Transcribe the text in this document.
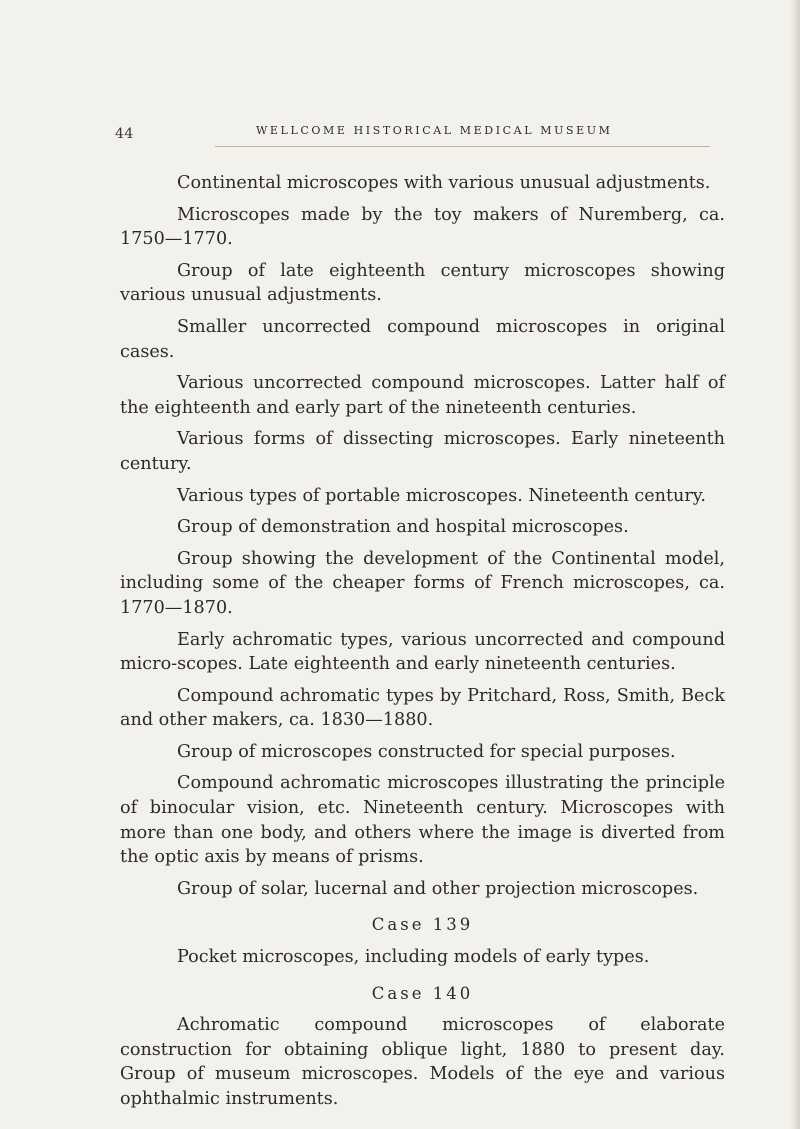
44	WELLCOME HISTORICAL MEDICAL MUSEUM

Continental microscopes with various unusual adjustments.

Microscopes made by the toy makers of Nuremberg, ca. 1750—1770.

Group of late eighteenth century microscopes showing various unusual adjustments.

Smaller uncorrected compound microscopes in original cases.

Various uncorrected compound microscopes. Latter half of the eighteenth and early part of the nineteenth centuries.

Various forms of dissecting microscopes. Early nineteenth century.

Various types of portable microscopes. Nineteenth century.

Group of demonstration and hospital microscopes.

Group showing the development of the Continental model, including some of the cheaper forms of French microscopes, ca. 1770—1870.

Early achromatic types, various uncorrected and compound micro-scopes. Late eighteenth and early nineteenth centuries.

Compound achromatic types by Pritchard, Ross, Smith, Beck and other makers, ca. 1830—1880.

Group of microscopes constructed for special purposes.

Compound achromatic microscopes illustrating the principle of binocular vision, etc. Nineteenth century. Microscopes with more than one body, and others where the image is diverted from the optic axis by means of prisms.

Group of solar, lucernal and other projection microscopes.

Case 139

Pocket microscopes, including models of early types.

Case 140

Achromatic compound microscopes of elaborate construction for obtaining oblique light, 1880 to present day. Group of museum microscopes. Models of the eye and various ophthalmic instruments.
